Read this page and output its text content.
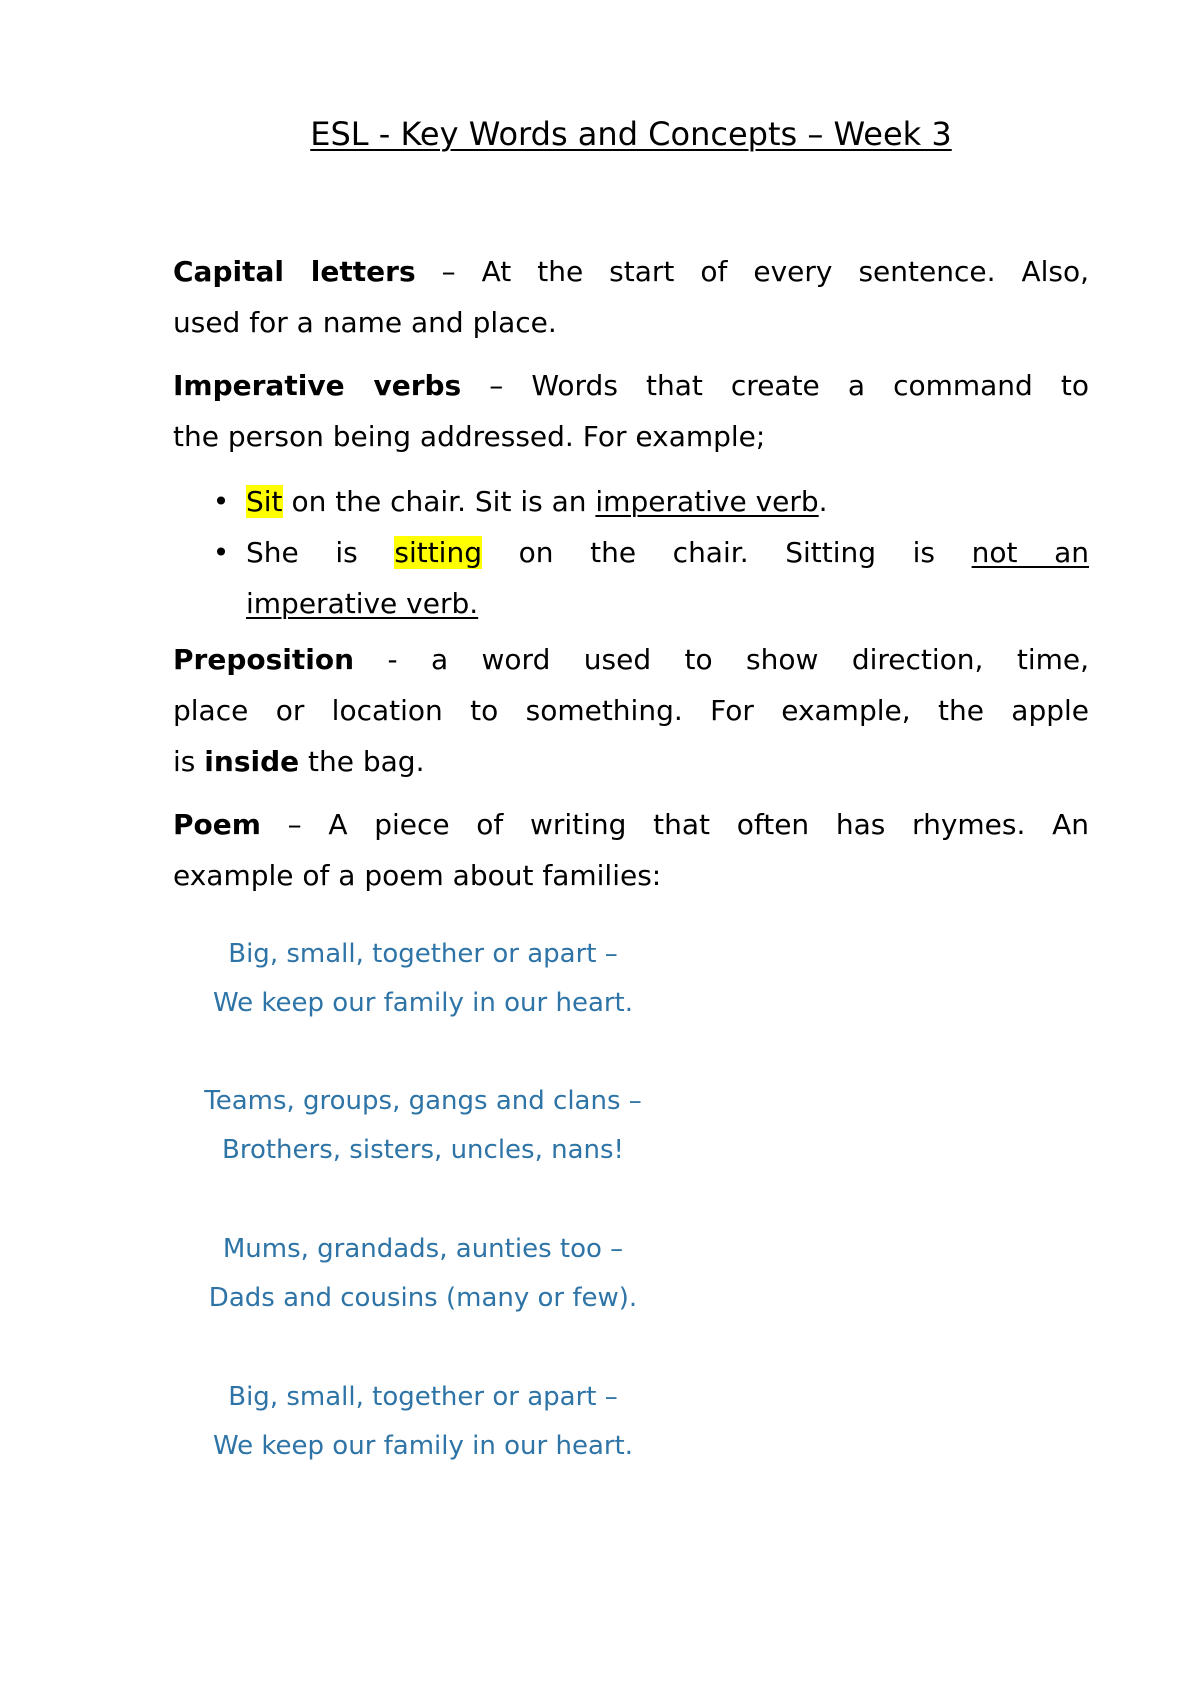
ESL - Key Words and Concepts – Week 3
Capital letters – At the start of every sentence. Also,
used for a name and place.
Imperative verbs – Words that create a command to
the person being addressed. For example;
• Sit on the chair. Sit is an imperative verb.
• She is sitting on the chair. Sitting is not an
imperative verb.
Preposition - a word used to show direction, time,
place or location to something. For example, the apple
is inside the bag.
Poem – A piece of writing that often has rhymes. An
example of a poem about families:
Big, small, together or apart –
We keep our family in our heart.
Teams, groups, gangs and clans –
Brothers, sisters, uncles, nans!
Mums, grandads, aunties too –
Dads and cousins (many or few).
Big, small, together or apart –
We keep our family in our heart.
